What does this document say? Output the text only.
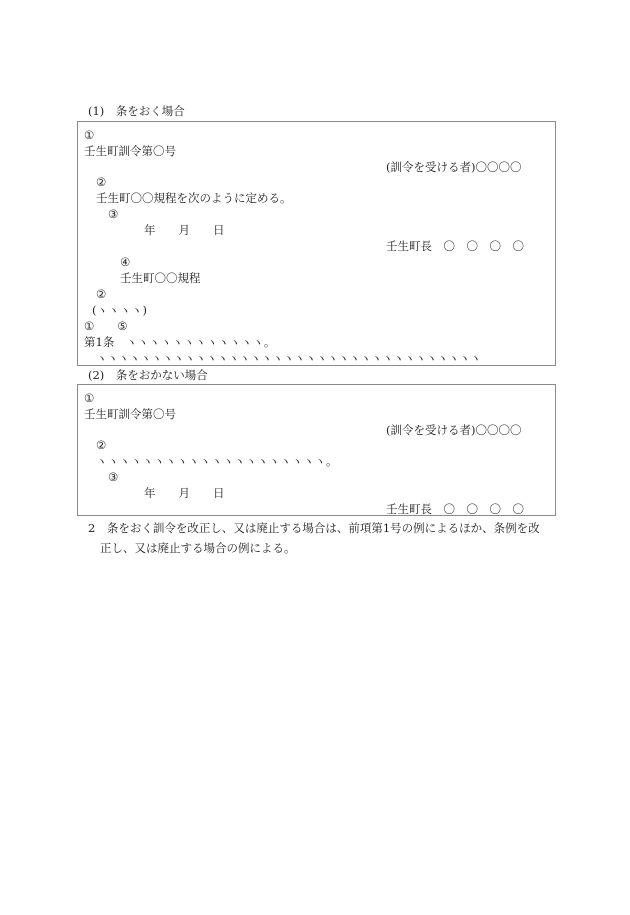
(1)　条をおく場合
①
壬生町訓令第〇号
(訓令を受ける者)〇〇〇〇
②
壬生町〇〇規程を次のように定める。
③
年　　月　　日
壬生町長　〇　〇　〇　〇
④
壬生町〇〇規程
②
(ヽヽヽヽ)
①　　⑤
第1条　ヽヽヽヽヽヽヽヽヽヽヽヽ。
ヽヽヽヽヽヽヽヽヽヽヽヽヽヽヽヽヽヽヽヽヽヽヽヽヽヽヽヽヽヽヽヽヽヽヽ
(2)　条をおかない場合
①
壬生町訓令第〇号
(訓令を受ける者)〇〇〇〇
②
ヽヽヽヽヽヽヽヽヽヽヽヽヽヽヽヽヽヽヽヽ。
③
年　　月　　日
壬生町長　〇　〇　〇　〇
2　条をおく訓令を改正し、又は廃止する場合は、前項第1号の例によるほか、条例を改
正し、又は廃止する場合の例による。
